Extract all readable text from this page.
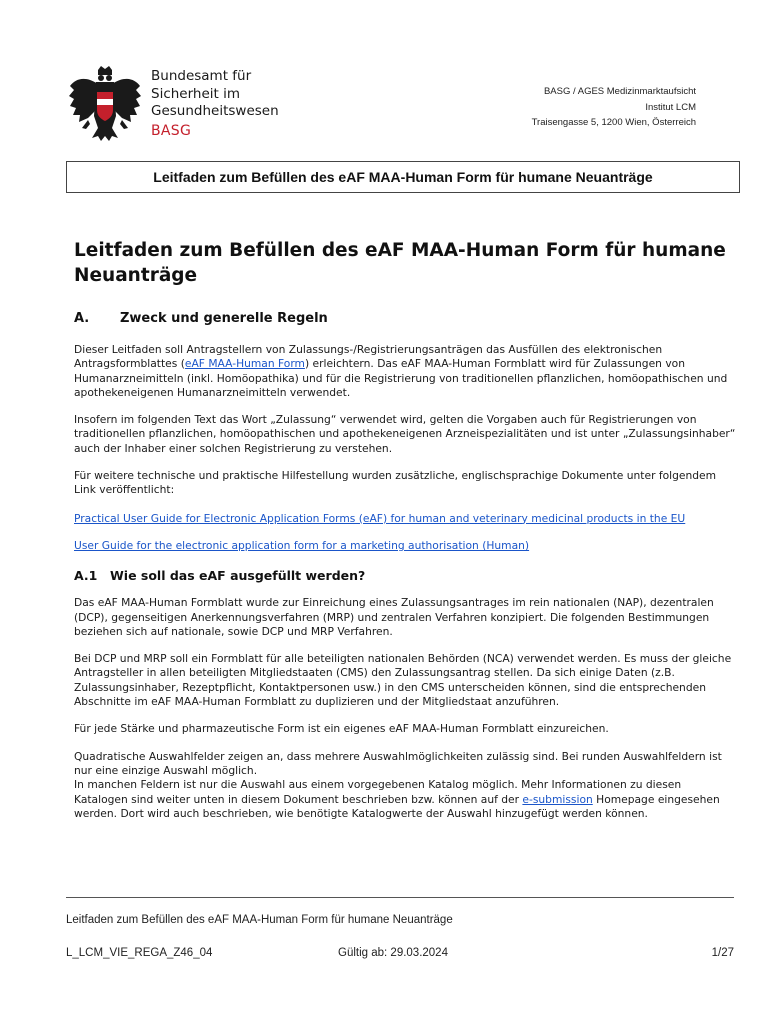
Bundesamt für
Sicherheit im
Gesundheitswesen
BASG
BASG / AGES Medizinmarktaufsicht
Institut LCM
Traisengasse 5, 1200 Wien, Österreich
Leitfaden zum Befüllen des eAF MAA-Human Form für humane Neuanträge
Leitfaden zum Befüllen des eAF MAA-Human Form für humane Neuanträge
A.	Zweck und generelle Regeln

Dieser Leitfaden soll Antragstellern von Zulassungs-/Registrierungsanträgen das Ausfüllen des elektronischen Antragsformblattes (eAF MAA-Human Form) erleichtern. Das eAF MAA-Human Formblatt wird für Zulassungen von Humanarzneimitteln (inkl. Homöopathika) und für die Registrierung von traditionellen pflanzlichen, homöopathischen und apothekeneigenen Humanarzneimitteln verwendet.

Insofern im folgenden Text das Wort „Zulassung“ verwendet wird, gelten die Vorgaben auch für Registrierungen von traditionellen pflanzlichen, homöopathischen und apothekeneigenen Arzneispezialitäten und ist unter „Zulassungsinhaber“ auch der Inhaber einer solchen Registrierung zu verstehen.

Für weitere technische und praktische Hilfestellung wurden zusätzliche, englischsprachige Dokumente unter folgendem Link veröffentlicht:

Practical User Guide for Electronic Application Forms (eAF) for human and veterinary medicinal products in the EU

User Guide for the electronic application form for a marketing authorisation (Human)

A.1	Wie soll das eAF ausgefüllt werden?

Das eAF MAA-Human Formblatt wurde zur Einreichung eines Zulassungsantrages im rein nationalen (NAP), dezentralen (DCP), gegenseitigen Anerkennungsverfahren (MRP) und zentralen Verfahren konzipiert. Die folgenden Bestimmungen beziehen sich auf nationale, sowie DCP und MRP Verfahren.

Bei DCP und MRP soll ein Formblatt für alle beteiligten nationalen Behörden (NCA) verwendet werden. Es muss der gleiche Antragsteller in allen beteiligten Mitgliedstaaten (CMS) den Zulassungsantrag stellen. Da sich einige Daten (z.B. Zulassungsinhaber, Rezeptpflicht, Kontaktpersonen usw.) in den CMS unterscheiden können, sind die entsprechenden Abschnitte im eAF MAA-Human Formblatt zu duplizieren und der Mitgliedstaat anzuführen.

Für jede Stärke und pharmazeutische Form ist ein eigenes eAF MAA-Human Formblatt einzureichen.

Quadratische Auswahlfelder zeigen an, dass mehrere Auswahlmöglichkeiten zulässig sind. Bei runden Auswahlfeldern ist nur eine einzige Auswahl möglich.

In manchen Feldern ist nur die Auswahl aus einem vorgegebenen Katalog möglich. Mehr Informationen zu diesen Katalogen sind weiter unten in diesem Dokument beschrieben bzw. können auf der e-submission Homepage eingesehen werden. Dort wird auch beschrieben, wie benötigte Katalogwerte der Auswahl hinzugefügt werden können.

Leitfaden zum Befüllen des eAF MAA-Human Form für humane Neuanträge
L_LCM_VIE_REGA_Z46_04	Gültig ab: 29.03.2024	1/27
